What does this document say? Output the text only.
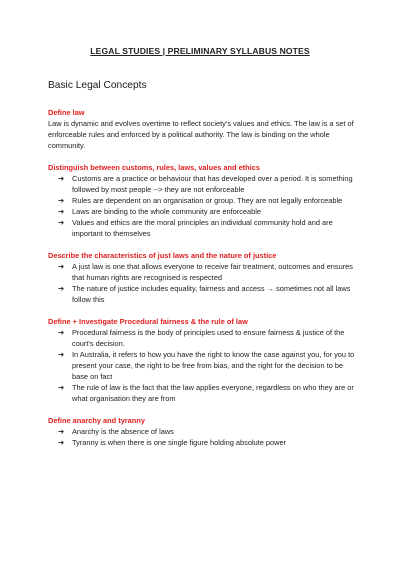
LEGAL STUDIES | PRELIMINARY SYLLABUS NOTES
Basic Legal Concepts
Define law
Law is dynamic and evolves overtime to reflect society's values and ethics. The law is a set of enforceable rules and enforced by a political authority. The law is binding on the whole community.
Distinguish between customs, rules, laws, values and ethics
➔ Customs are a practice or behaviour that has developed over a period. It is something followed by most people --> they are not enforceable
➔ Rules are dependent on an organisation or group. They are not legally enforceable
➔ Laws are binding to the whole community are enforceable
➔ Values and ethics are the moral principles an individual community hold and are important to themselves
Describe the characteristics of just laws and the nature of justice
➔ A just law is one that allows everyone to receive fair treatment, outcomes and ensures that human rights are recognised is respected
➔ The nature of justice includes equality, fairness and access → sometimes not all laws follow this
Define + Investigate Procedural fairness & the rule of law
➔ Procedural fairness is the body of principles used to ensure fairness & justice of the court's decision.
➔ In Australia, it refers to how you have the right to know the case against you, for you to present your case, the right to be free from bias, and the right for the decision to be base on fact
➔ The rule of law is the fact that the law applies everyone, regardless on who they are or what organisation they are from
Define anarchy and tyranny
➔ Anarchy is the absence of laws
➔ Tyranny is when there is one single figure holding absolute power
